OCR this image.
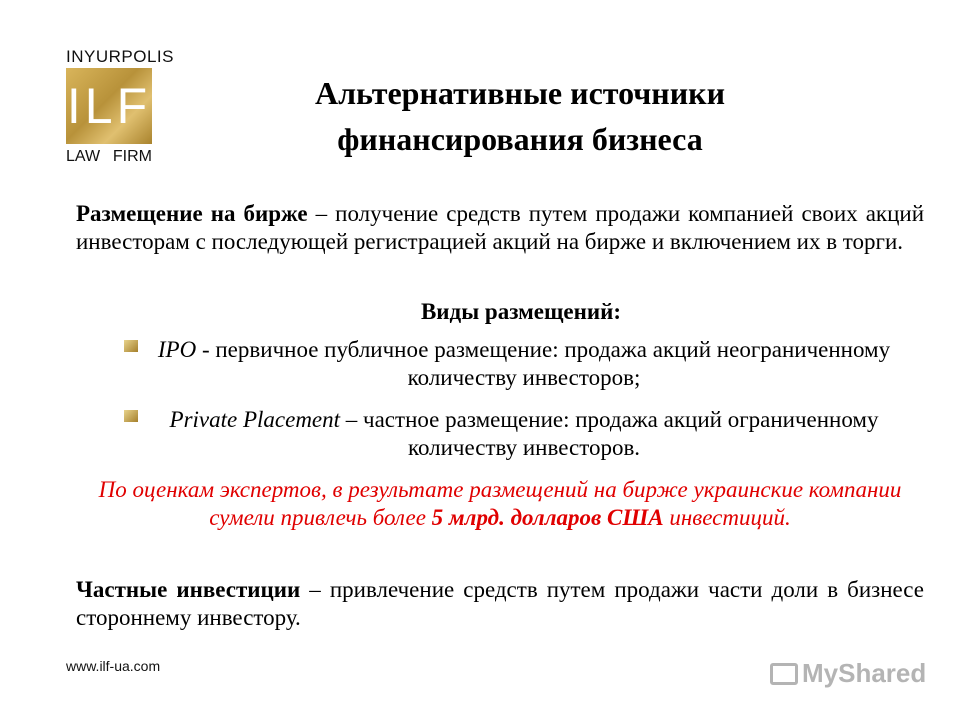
INYURPOLIS
ILF
LAW FIRM
Альтернативные источники финансирования бизнеса
Размещение на бирже – получение средств путем продажи компанией своих акций инвесторам с последующей регистрацией акций на бирже и включением их в торги.
Виды размещений:
IPO - первичное публичное размещение: продажа акций неограниченному количеству инвесторов;
Private Placement – частное размещение: продажа акций ограниченному количеству инвесторов.
По оценкам экспертов, в результате размещений на бирже украинские компании сумели привлечь более 5 млрд. долларов США инвестиций.
Частные инвестиции – привлечение средств путем продажи части доли в бизнесе стороннему инвестору.
www.ilf-ua.com	MyShared
